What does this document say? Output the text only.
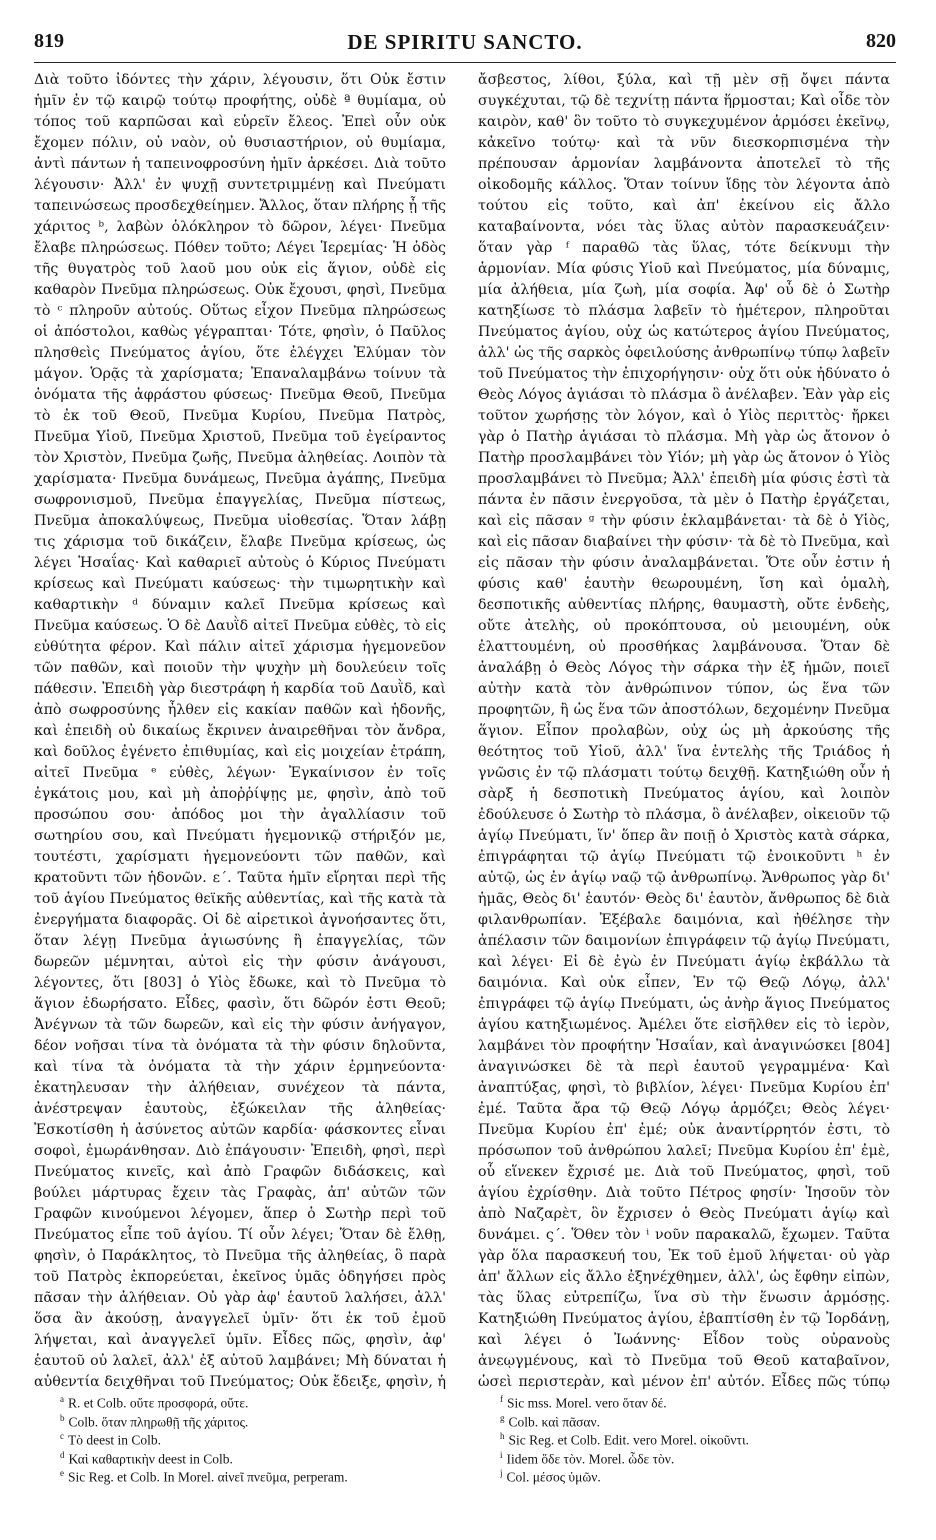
819	DE SPIRITU SANCTO.	820
Διὰ τοῦτο ἰδόντες τὴν χάριν, λέγουσιν, ὅτι Οὐκ ἔστιν ἡμῖν ἐν τῷ καιρῷ τούτῳ προφήτης, οὐδὲ ª θυμίαμα, οὐ τόπος τοῦ καρπῶσαι καὶ εὑρεῖν ἔλεος. Ἐπεὶ οὖν οὐκ ἔχομεν πόλιν, οὐ ναὸν, οὐ θυσιαστήριον, οὐ θυμίαμα, ἀντὶ πάντων ἡ ταπεινοφροσύνη ἡμῖν ἀρκέσει. Διὰ τοῦτο λέγουσιν· Ἀλλ' ἐν ψυχῇ συντετριμμένῃ καὶ Πνεύματι ταπεινώσεως προσδεχθείημεν. Ἄλλος, ὅταν πλήρης ᾖ τῆς χάριτος ᵇ, λαβὼν ὁλόκληρον τὸ δῶρον, λέγει· Πνεῦμα ἔλαβε πληρώσεως. Πόθεν τοῦτο; Λέγει Ἱερεμίας· Ἡ ὁδὸς τῆς θυγατρὸς τοῦ λαοῦ μου οὐκ εἰς ἅγιον, οὐδὲ εἰς καθαρὸν Πνεῦμα πληρώσεως. Οὐκ ἔχουσι, φησὶ, Πνεῦμα τὸ ᶜ πληροῦν αὐτούς. Οὕτως εἶχον Πνεῦμα πληρώσεως οἱ ἀπόστολοι, καθὼς γέγραπται· Τότε, φησὶν, ὁ Παῦλος πλησθεὶς Πνεύματος ἁγίου, ὅτε ἐλέγχει Ἐλύμαν τὸν μάγον. Ὁρᾷς τὰ χαρίσματα; Ἐπαναλαμβάνω τοίνυν τὰ ὀνόματα τῆς ἀφράστου φύσεως· Πνεῦμα Θεοῦ, Πνεῦμα τὸ ἐκ τοῦ Θεοῦ, Πνεῦμα Κυρίου, Πνεῦμα Πατρὸς, Πνεῦμα Υἱοῦ, Πνεῦμα Χριστοῦ, Πνεῦμα τοῦ ἐγείραντος τὸν Χριστὸν, Πνεῦμα ζωῆς, Πνεῦμα ἀληθείας. Λοιπὸν τὰ χαρίσματα· Πνεῦμα δυνάμεως, Πνεῦμα ἀγάπης, Πνεῦμα σωφρονισμοῦ, Πνεῦμα ἐπαγγελίας, Πνεῦμα πίστεως, Πνεῦμα ἀποκαλύψεως, Πνεῦμα υἱοθεσίας. Ὅταν λάβῃ τις χάρισμα τοῦ δικάζειν, ἔλαβε Πνεῦμα κρίσεως, ὡς λέγει Ἡσαΐας· Καὶ καθαριεῖ αὐτοὺς ὁ Κύριος Πνεύματι κρίσεως καὶ Πνεύματι καύσεως· τὴν τιμωρητικὴν καὶ καθαρτικὴν ᵈ δύναμιν καλεῖ Πνεῦμα κρίσεως καὶ Πνεῦμα καύσεως. Ὁ δὲ Δαυῒδ αἰτεῖ Πνεῦμα εὐθὲς, τὸ εἰς εὐθύτητα φέρον. Καὶ πάλιν αἰτεῖ χάρισμα ἡγεμονεῦον τῶν παθῶν, καὶ ποιοῦν τὴν ψυχὴν μὴ δουλεύειν τοῖς πάθεσιν. Ἐπειδὴ γὰρ διεστράφη ἡ καρδία τοῦ Δαυῒδ, καὶ ἀπὸ σωφροσύνης ἦλθεν εἰς κακίαν παθῶν καὶ ἡδονῆς, καὶ ἐπειδὴ οὐ δικαίως ἔκρινεν ἀναιρεθῆναι τὸν ἄνδρα, καὶ δοῦλος ἐγένετο ἐπιθυμίας, καὶ εἰς μοιχείαν ἐτράπη, αἰτεῖ Πνεῦμα ᵉ εὐθὲς, λέγων· Ἐγκαίνισον ἐν τοῖς ἐγκάτοις μου, καὶ μὴ ἀποῤῥίψῃς με, φησὶν, ἀπὸ τοῦ προσώπου σου· ἀπόδος μοι τὴν ἀγαλλίασιν τοῦ σωτηρίου σου, καὶ Πνεύματι ἡγεμονικῷ στήριξόν με, τουτέστι, χαρίσματι ἡγεμονεύοντι τῶν παθῶν, καὶ κρατοῦντι τῶν ἡδονῶν. ε΄. Ταῦτα ἡμῖν εἴρηται περὶ τῆς τοῦ ἁγίου Πνεύματος θεϊκῆς αὐθεντίας, καὶ τῆς κατὰ τὰ ἐνεργήματα διαφορᾶς. Οἱ δὲ αἱρετικοὶ ἀγνοήσαντες ὅτι, ὅταν λέγῃ Πνεῦμα ἁγιωσύνης ἢ ἐπαγγελίας, τῶν δωρεῶν μέμνηται, αὐτοὶ εἰς τὴν φύσιν ἀνάγουσι, λέγοντες, ὅτι [803] ὁ Υἱὸς ἔδωκε, καὶ τὸ Πνεῦμα τὸ ἅγιον ἐδωρήσατο. Εἶδες, φασὶν, ὅτι δῶρόν ἐστι Θεοῦ; Ἀνέγνων τὰ τῶν δωρεῶν, καὶ εἰς τὴν φύσιν ἀνήγαγον, δέον νοῆσαι τίνα τὰ ὀνόματα τὰ τὴν φύσιν δηλοῦντα, καὶ τίνα τὰ ὀνόματα τὰ τὴν χάριν ἑρμηνεύοντα· ἐκατηλευσαν τὴν ἀλήθειαν, συνέχεον τὰ πάντα, ἀνέστρεψαν ἑαυτοὺς, ἐξώκειλαν τῆς ἀληθείας· Ἐσκοτίσθη ἡ ἀσύνετος αὐτῶν καρδία· φάσκοντες εἶναι σοφοὶ, ἐμωράνθησαν. Διὸ ἐπάγουσιν· Ἐπειδὴ, φησὶ, περὶ Πνεύματος κινεῖς, καὶ ἀπὸ Γραφῶν διδάσκεις, καὶ βούλει μάρτυρας ἔχειν τὰς Γραφὰς, ἀπ' αὐτῶν τῶν Γραφῶν κινούμενοι λέγομεν, ἅπερ ὁ Σωτὴρ περὶ τοῦ Πνεύματος εἶπε τοῦ ἁγίου. Τί οὖν λέγει; Ὅταν δὲ ἔλθῃ, φησὶν, ὁ Παράκλητος, τὸ Πνεῦμα τῆς ἀληθείας, ὃ παρὰ τοῦ Πατρὸς ἐκπορεύεται, ἐκεῖνος ὑμᾶς ὁδηγήσει πρὸς πᾶσαν τὴν ἀλήθειαν. Οὐ γὰρ ἀφ' ἑαυτοῦ λαλήσει, ἀλλ' ὅσα ἂν ἀκούσῃ, ἀναγγελεῖ ὑμῖν· ὅτι ἐκ τοῦ ἐμοῦ λήψεται, καὶ ἀναγγελεῖ ὑμῖν. Εἶδες πῶς, φησὶν, ἀφ' ἑαυτοῦ οὐ λαλεῖ, ἀλλ' ἐξ αὐτοῦ λαμβάνει; Μὴ δύναται ἡ αὐθεντία δειχθῆναι τοῦ Πνεύματος; Οὐκ ἔδειξε, φησὶν, ἡ
ἄσβεστος, λίθοι, ξύλα, καὶ τῇ μὲν σῇ ὄψει πάντα συγκέχυται, τῷ δὲ τεχνίτῃ πάντα ἥρμοσται; Καὶ οἶδε τὸν καιρὸν, καθ' ὃν τοῦτο τὸ συγκεχυμένον ἁρμόσει ἐκεῖνῳ, κἀκεῖνο τούτῳ· καὶ τὰ νῦν διεσκορπισμένα τὴν πρέπουσαν ἁρμονίαν λαμβάνοντα ἀποτελεῖ τὸ τῆς οἰκοδομῆς κάλλος. Ὅταν τοίνυν ἴδῃς τὸν λέγοντα ἀπὸ τούτου εἰς τοῦτο, καὶ ἀπ' ἐκείνου εἰς ἄλλο καταβαίνοντα, νόει τὰς ὕλας αὐτὸν παρασκευάζειν· ὅταν γὰρ ᶠ παραθῶ τὰς ὕλας, τότε δείκνυμι τὴν ἁρμονίαν. Μία φύσις Υἱοῦ καὶ Πνεύματος, μία δύναμις, μία ἀλήθεια, μία ζωὴ, μία σοφία. Ἀφ' οὗ δὲ ὁ Σωτὴρ κατηξίωσε τὸ πλάσμα λαβεῖν τὸ ἡμέτερον, πληροῦται Πνεύματος ἁγίου, οὐχ ὡς κατώτερος ἁγίου Πνεύματος, ἀλλ' ὡς τῆς σαρκὸς ὀφειλούσης ἀνθρωπίνῳ τύπῳ λαβεῖν τοῦ Πνεύματος τὴν ἐπιχορήγησιν· οὐχ ὅτι οὐκ ἠδύνατο ὁ Θεὸς Λόγος ἁγιάσαι τὸ πλάσμα ὃ ἀνέλαβεν. Ἐὰν γὰρ εἰς τοῦτον χωρήσῃς τὸν λόγον, καὶ ὁ Υἱὸς περιττὸς· ἤρκει γὰρ ὁ Πατὴρ ἁγιάσαι τὸ πλάσμα. Μὴ γὰρ ὡς ἄτονον ὁ Πατὴρ προσλαμβάνει τὸν Υἱόν; μὴ γὰρ ὡς ἄτονον ὁ Υἱὸς προσλαμβάνει τὸ Πνεῦμα; Ἀλλ' ἐπειδὴ μία φύσις ἐστὶ τὰ πάντα ἐν πᾶσιν ἐνεργοῦσα, τὰ μὲν ὁ Πατὴρ ἐργάζεται, καὶ εἰς πᾶσαν ᵍ τὴν φύσιν ἐκλαμβάνεται· τὰ δὲ ὁ Υἱὸς, καὶ εἰς πᾶσαν διαβαίνει τὴν φύσιν· τὰ δὲ τὸ Πνεῦμα, καὶ εἰς πᾶσαν τὴν φύσιν ἀναλαμβάνεται. Ὅτε οὖν ἐστιν ἡ φύσις καθ' ἑαυτὴν θεωρουμένη, ἴση καὶ ὁμαλὴ, δεσποτικῆς αὐθεντίας πλήρης, θαυμαστὴ, οὔτε ἐνδεὴς, οὔτε ἀτελὴς, οὐ προκόπτουσα, οὐ μειουμένη, οὐκ ἐλαττουμένη, οὐ προσθήκας λαμβάνουσα. Ὅταν δὲ ἀναλάβῃ ὁ Θεὸς Λόγος τὴν σάρκα τὴν ἐξ ἡμῶν, ποιεῖ αὐτὴν κατὰ τὸν ἀνθρώπινον τύπον, ὡς ἕνα τῶν προφητῶν, ἢ ὡς ἕνα τῶν ἀποστόλων, δεχομένην Πνεῦμα ἅγιον. Εἶπον προλαβὼν, οὐχ ὡς μὴ ἀρκούσης τῆς θεότητος τοῦ Υἱοῦ, ἀλλ' ἵνα ἐντελὴς τῆς Τριάδος ἡ γνῶσις ἐν τῷ πλάσματι τούτῳ δειχθῇ. Κατηξιώθη οὖν ἡ σὰρξ ἡ δεσποτικὴ Πνεύματος ἁγίου, καὶ λοιπὸν ἐδούλευσε ὁ Σωτὴρ τὸ πλάσμα, ὃ ἀνέλαβεν, οἰκειοῦν τῷ ἁγίῳ Πνεύματι, ἵν' ὅπερ ἂν ποιῇ ὁ Χριστὸς κατὰ σάρκα, ἐπιγράφηται τῷ ἁγίῳ Πνεύματι τῷ ἐνοικοῦντι ʰ ἐν αὐτῷ, ὡς ἐν ἁγίῳ ναῷ τῷ ἀνθρωπίνῳ. Ἄνθρωπος γὰρ δι' ἡμᾶς, Θεὸς δι' ἑαυτόν· Θεὸς δι' ἑαυτὸν, ἄνθρωπος δὲ διὰ φιλανθρωπίαν. Ἐξέβαλε δαιμόνια, καὶ ἠθέλησε τὴν ἀπέλασιν τῶν δαιμονίων ἐπιγράφειν τῷ ἁγίῳ Πνεύματι, καὶ λέγει· Εἰ δὲ ἐγὼ ἐν Πνεύματι ἁγίῳ ἐκβάλλω τὰ δαιμόνια. Καὶ οὐκ εἶπεν, Ἐν τῷ Θεῷ Λόγῳ, ἀλλ' ἐπιγράφει τῷ ἁγίῳ Πνεύματι, ὡς ἀνὴρ ἅγιος Πνεύματος ἁγίου κατηξιωμένος. Ἀμέλει ὅτε εἰσῆλθεν εἰς τὸ ἱερὸν, λαμβάνει τὸν προφήτην Ἡσαΐαν, καὶ ἀναγινώσκει [804] ἀναγινώσκει δὲ τὰ περὶ ἑαυτοῦ γεγραμμένα· Καὶ ἀναπτύξας, φησὶ, τὸ βιβλίον, λέγει· Πνεῦμα Κυρίου ἐπ' ἐμέ. Ταῦτα ἄρα τῷ Θεῷ Λόγῳ ἁρμόζει; Θεὸς λέγει· Πνεῦμα Κυρίου ἐπ' ἐμέ; οὐκ ἀναντίρρητόν ἐστι, τὸ πρόσωπον τοῦ ἀνθρώπου λαλεῖ; Πνεῦμα Κυρίου ἐπ' ἐμὲ, οὗ εἵνεκεν ἔχρισέ με. Διὰ τοῦ Πνεύματος, φησὶ, τοῦ ἁγίου ἐχρίσθην. Διὰ τοῦτο Πέτρος φησίν· Ἰησοῦν τὸν ἀπὸ Ναζαρὲτ, ὃν ἔχρισεν ὁ Θεὸς Πνεύματι ἁγίῳ καὶ δυνάμει. ς΄. Ὅθεν τὸν ⁱ νοῦν παρακαλῶ, ἔχωμεν. Ταῦτα γὰρ ὅλα παρασκευή του, Ἐκ τοῦ ἐμοῦ λήψεται· οὐ γὰρ ἀπ' ἄλλων εἰς ἄλλο ἐξηνέχθημεν, ἀλλ', ὡς ἔφθην εἰπὼν, τὰς ὕλας εὐτρεπίζω, ἵνα σὺ τὴν ἕνωσιν ἁρμόσῃς. Κατηξιώθη Πνεύματος ἁγίου, ἐβαπτίσθη ἐν τῷ Ἰορδάνῃ, καὶ λέγει ὁ Ἰωάννης· Εἶδον τοὺς οὐρανοὺς ἀνεῳγμένους, καὶ τὸ Πνεῦμα τοῦ Θεοῦ καταβαῖνον, ὡσεὶ περιστερὰν, καὶ μένον ἐπ' αὐτόν. Εἶδες πῶς τύπῳ
$^a$ R. et Colb. οὔτε προσφορά, οὔτε.
$^b$ Colb. ὅταν πληρωθῇ τῆς χάριτος.
$^c$ Τὸ deest in Colb.
$^d$ Καὶ καθαρτικὴν deest in Colb.
$^e$ Sic Reg. et Colb. In Morel. αἰνεῖ πνεῦμα, perperam.
$^f$ Sic mss. Morel. vero ὅταν δέ.
$^g$ Colb. καὶ πᾶσαν.
$^h$ Sic Reg. et Colb. Edit. vero Morel. οἰκοῦντι.
$^i$ Iidem ὅδε τὸν. Morel. ὧδε τὸν.
$^j$ Col. μέσος ὑμῶν.
